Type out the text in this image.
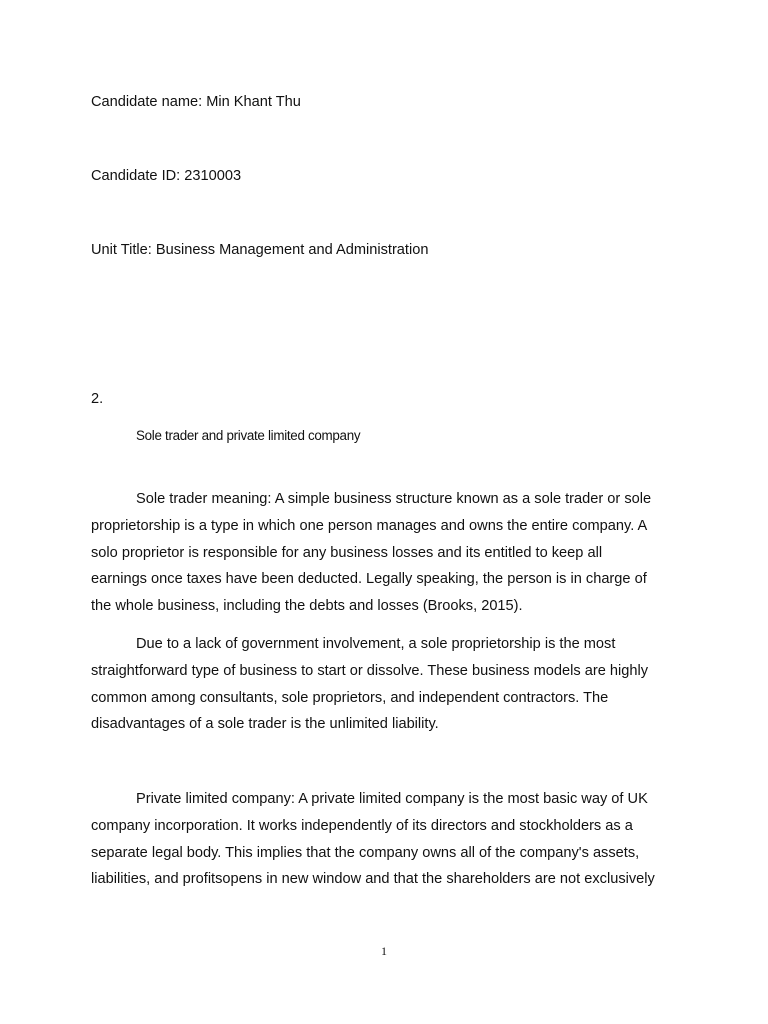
Candidate name: Min Khant Thu
Candidate ID: 2310003
Unit Title: Business Management and Administration
2.
Sole trader and private limited company
Sole trader meaning: A simple business structure known as a sole trader or sole
proprietorship is a type in which one person manages and owns the entire company. A
solo proprietor is responsible for any business losses and its entitled to keep all
earnings once taxes have been deducted. Legally speaking, the person is in charge of
the whole business, including the debts and losses (Brooks, 2015).
Due to a lack of government involvement, a sole proprietorship is the most
straightforward type of business to start or dissolve. These business models are highly
common among consultants, sole proprietors, and independent contractors. The
disadvantages of a sole trader is the unlimited liability.
Private limited company: A private limited company is the most basic way of UK
company incorporation. It works independently of its directors and stockholders as a
separate legal body. This implies that the company owns all of the company's assets,
liabilities, and profitsopens in new window and that the shareholders are not exclusively
1
